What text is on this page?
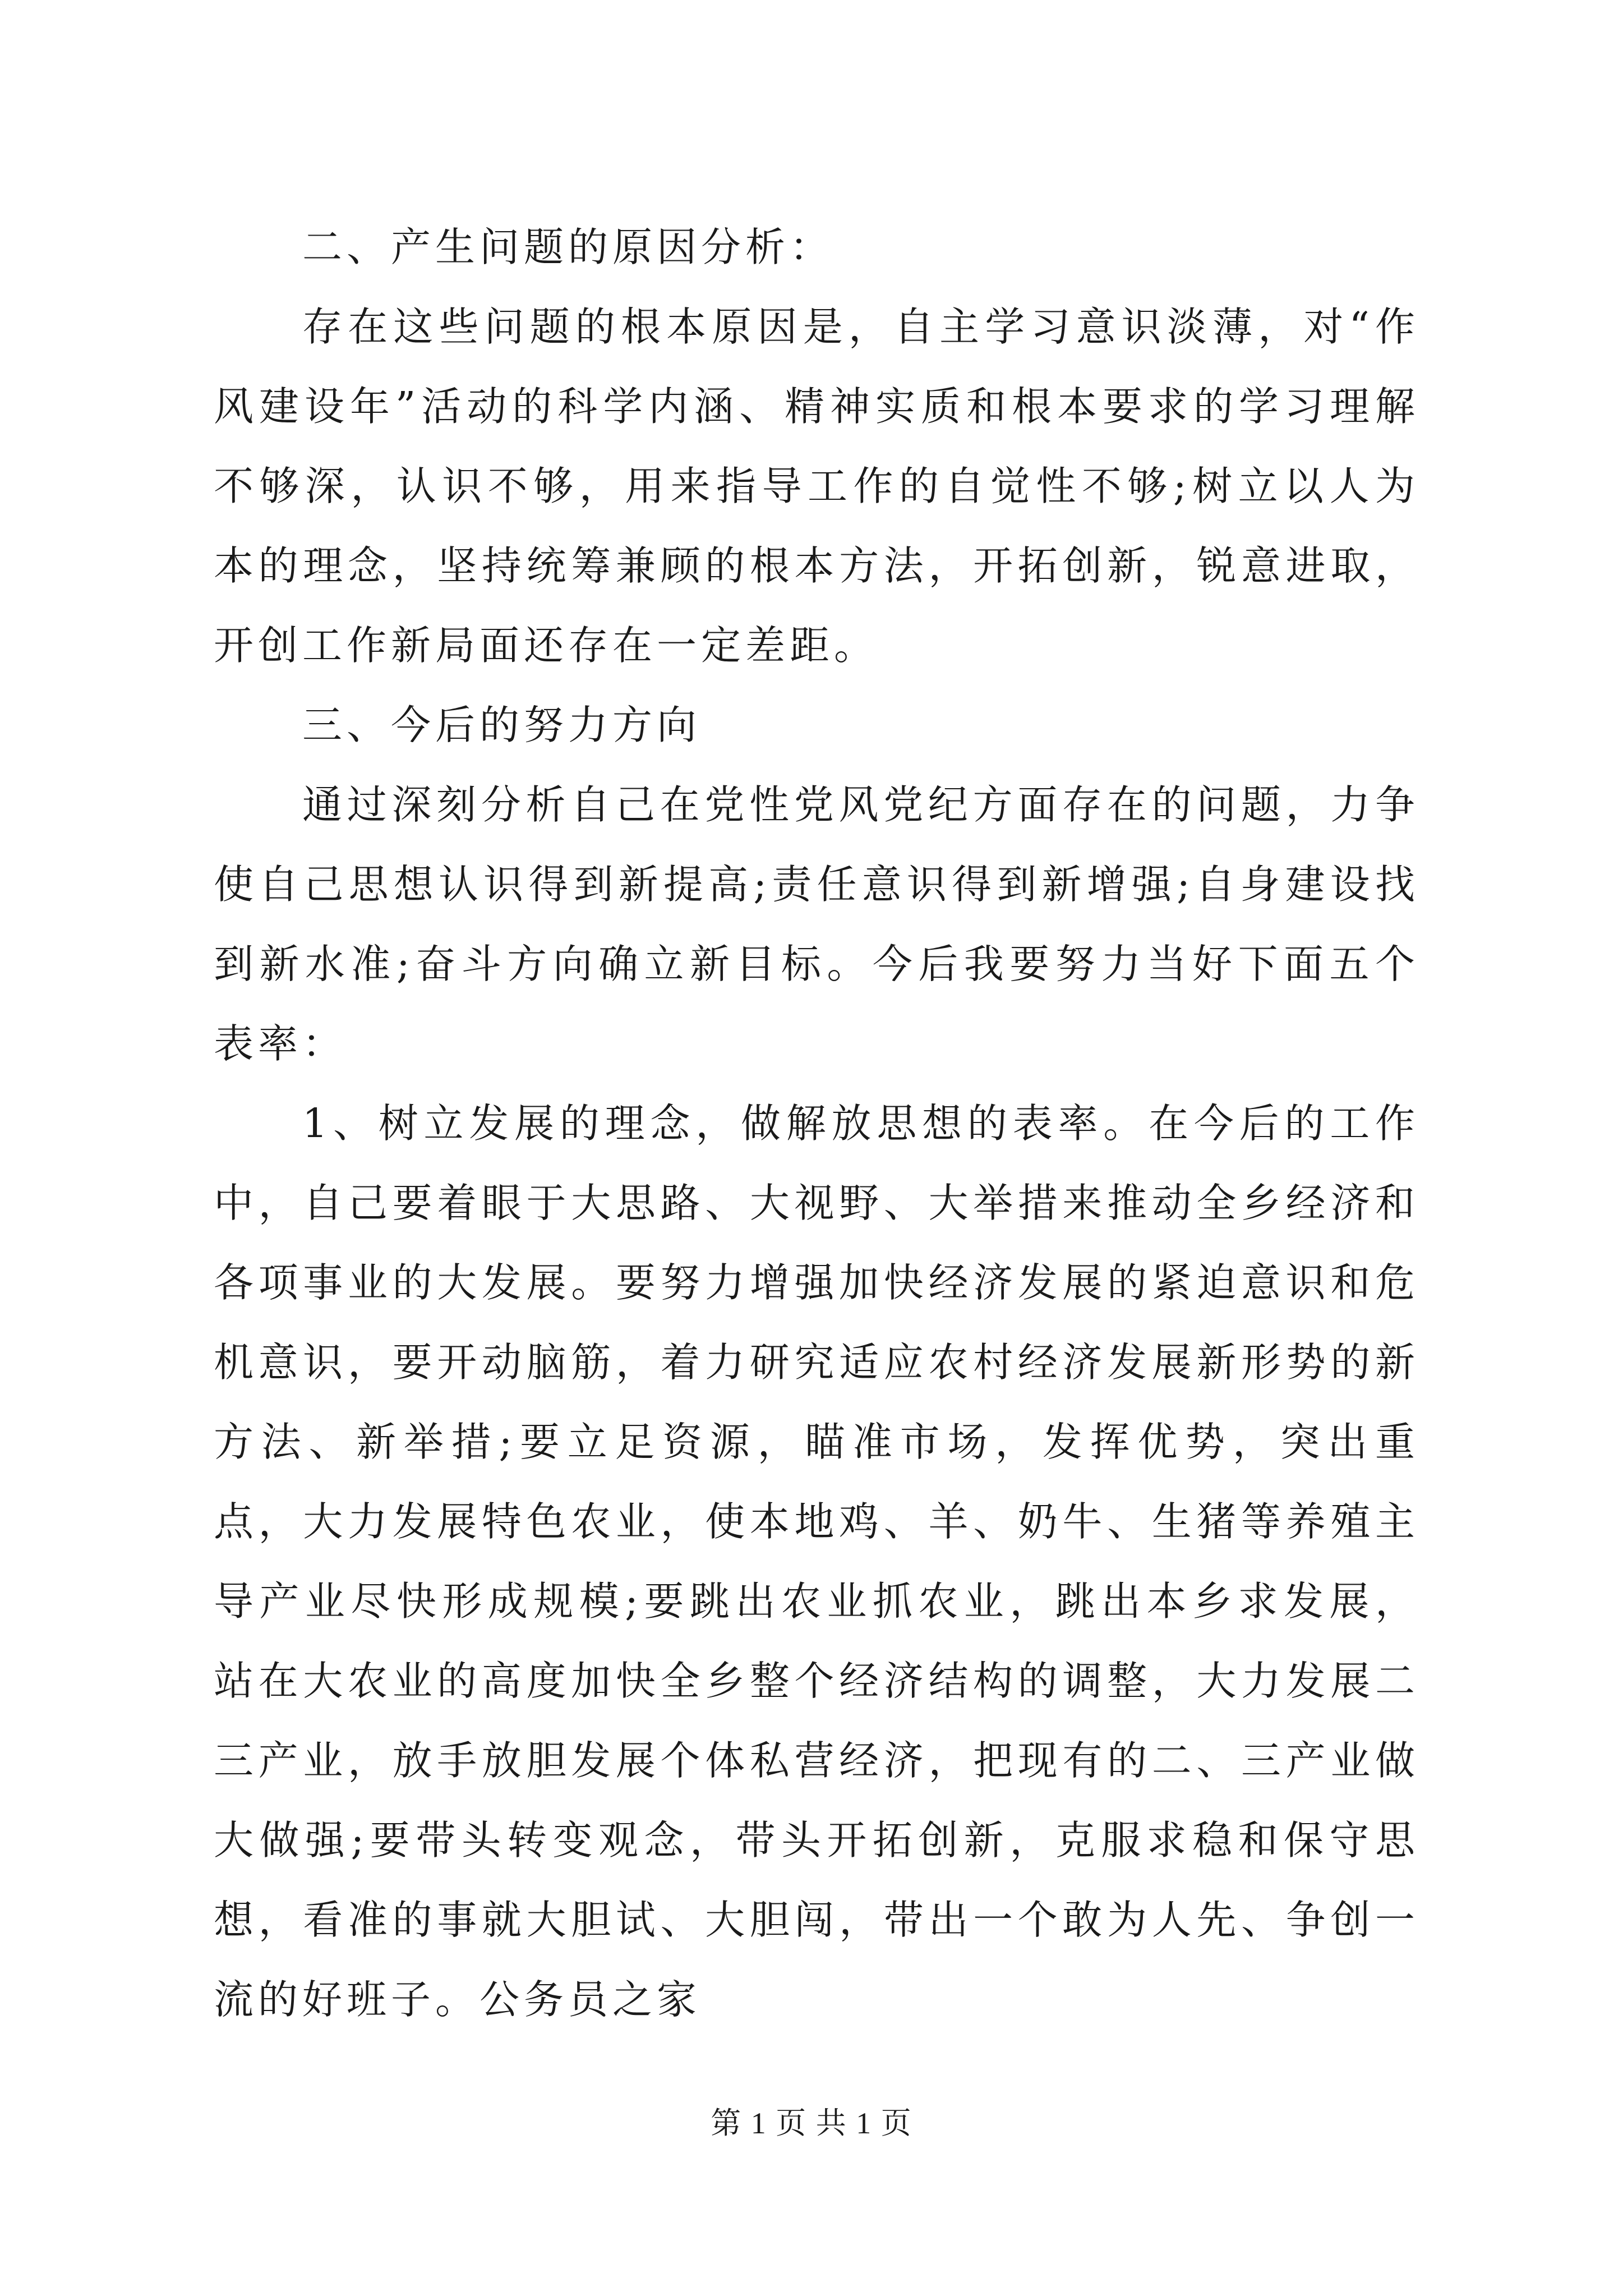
二、产生问题的原因分析：

存在这些问题的根本原因是，自主学习意识淡薄，对“作风建设年”活动的科学内涵、精神实质和根本要求的学习理解不够深，认识不够，用来指导工作的自觉性不够;树立以人为本的理念，坚持统筹兼顾的根本方法，开拓创新，锐意进取，开创工作新局面还存在一定差距。

三、今后的努力方向

通过深刻分析自己在党性党风党纪方面存在的问题，力争使自己思想认识得到新提高;责任意识得到新增强;自身建设找到新水准;奋斗方向确立新目标。今后我要努力当好下面五个表率：

1、树立发展的理念，做解放思想的表率。在今后的工作中，自己要着眼于大思路、大视野、大举措来推动全乡经济和各项事业的大发展。要努力增强加快经济发展的紧迫意识和危机意识，要开动脑筋，着力研究适应农村经济发展新形势的新方法、新举措;要立足资源，瞄准市场，发挥优势，突出重点，大力发展特色农业，使本地鸡、羊、奶牛、生猪等养殖主导产业尽快形成规模;要跳出农业抓农业，跳出本乡求发展，站在大农业的高度加快全乡整个经济结构的调整，大力发展二三产业，放手放胆发展个体私营经济，把现有的二、三产业做大做强;要带头转变观念，带头开拓创新，克服求稳和保守思想，看准的事就大胆试、大胆闯，带出一个敢为人先、争创一流的好班子。公务员之家

第 1 页 共 1 页
